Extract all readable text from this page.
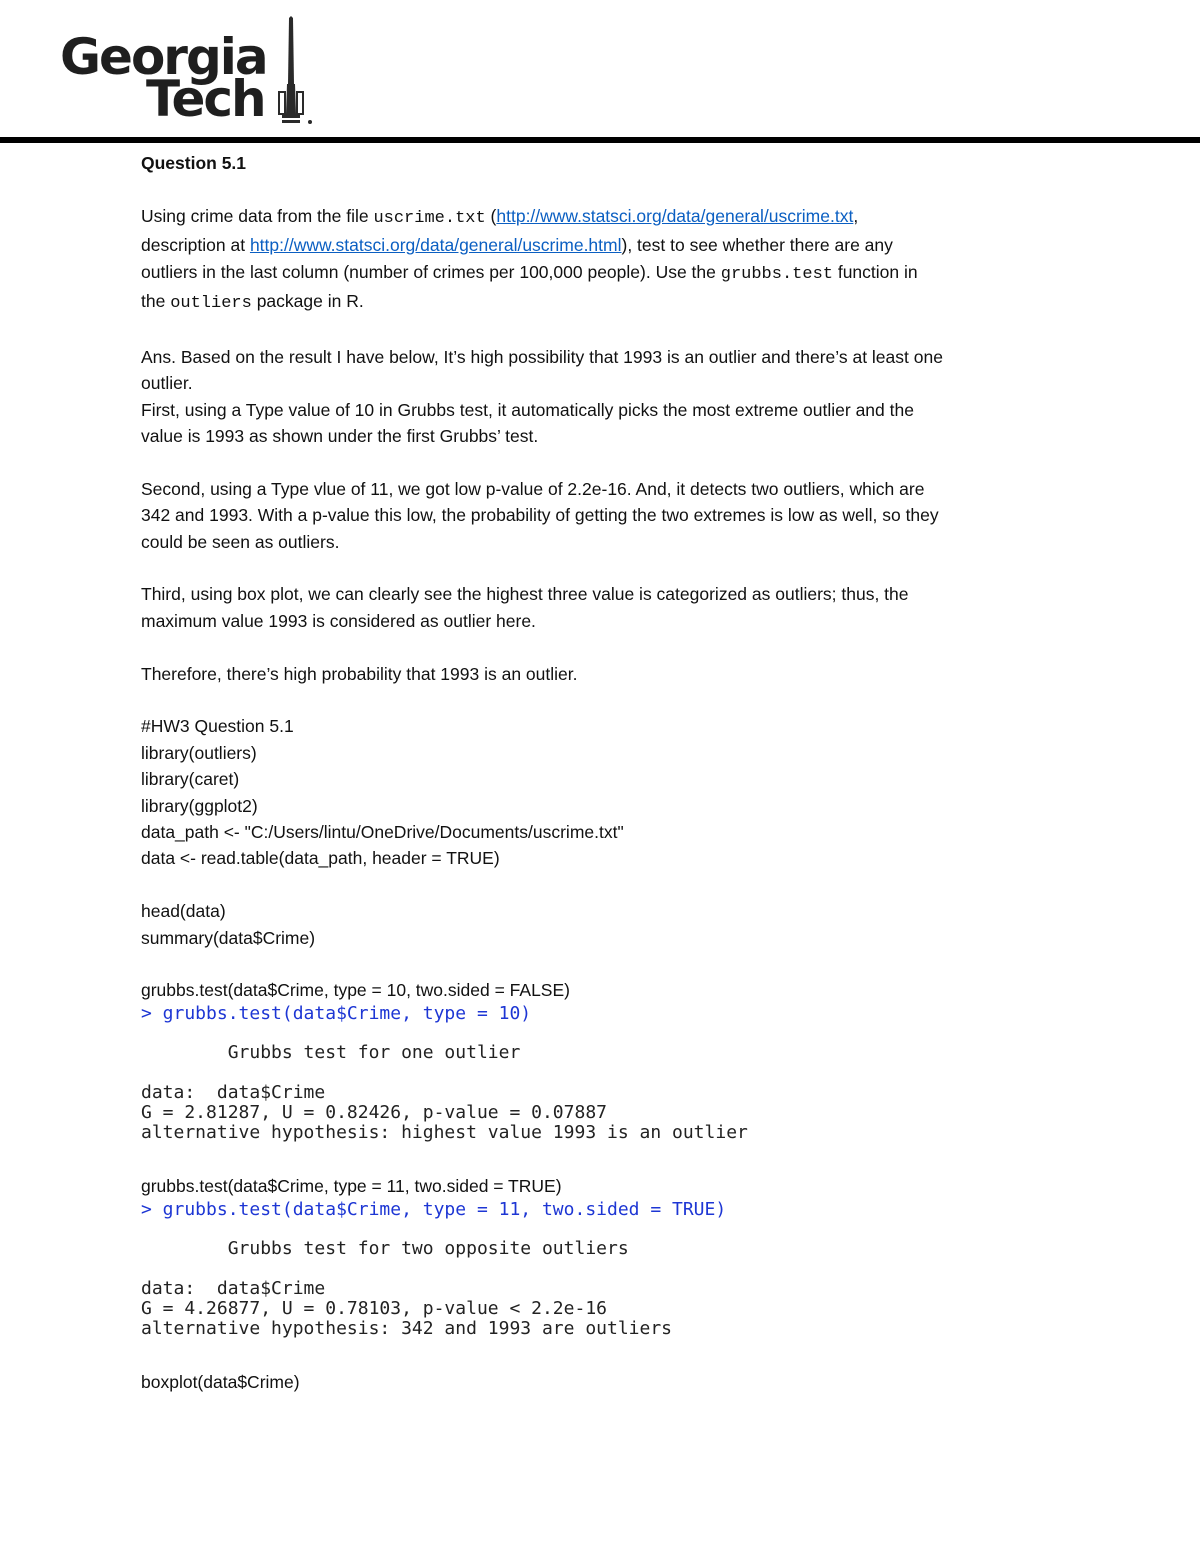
Georgia
Tech

Question 5.1

Using crime data from the file uscrime.txt (http://www.statsci.org/data/general/uscrime.txt,

description at http://www.statsci.org/data/general/uscrime.html), test to see whether there are any

outliers in the last column (number of crimes per 100,000 people). Use the grubbs.test function in

the outliers package in R.

Ans. Based on the result I have below, It’s high possibility that 1993 is an outlier and there’s at least one

outlier.

First, using a Type value of 10 in Grubbs test, it automatically picks the most extreme outlier and the

value is 1993 as shown under the first Grubbs’ test.

Second, using a Type vlue of 11, we got low p-value of 2.2e-16. And, it detects two outliers, which are

342 and 1993. With a p-value this low, the probability of getting the two extremes is low as well, so they

could be seen as outliers.

Third, using box plot, we can clearly see the highest three value is categorized as outliers; thus, the

maximum value 1993 is considered as outlier here.

Therefore, there’s high probability that 1993 is an outlier.

#HW3 Question 5.1

library(outliers)

library(caret)

library(ggplot2)

data_path <- "C:/Users/lintu/OneDrive/Documents/uscrime.txt"

data <- read.table(data_path, header = TRUE)

head(data)

summary(data$Crime)

grubbs.test(data$Crime, type = 10, two.sided = FALSE)

> grubbs.test(data$Crime, type = 10)

Grubbs test for one outlier

data:  data$Crime

G = 2.81287, U = 0.82426, p-value = 0.07887

alternative hypothesis: highest value 1993 is an outlier

grubbs.test(data$Crime, type = 11, two.sided = TRUE)

> grubbs.test(data$Crime, type = 11, two.sided = TRUE)

Grubbs test for two opposite outliers

data:  data$Crime

G = 4.26877, U = 0.78103, p-value < 2.2e-16

alternative hypothesis: 342 and 1993 are outliers

boxplot(data$Crime)
